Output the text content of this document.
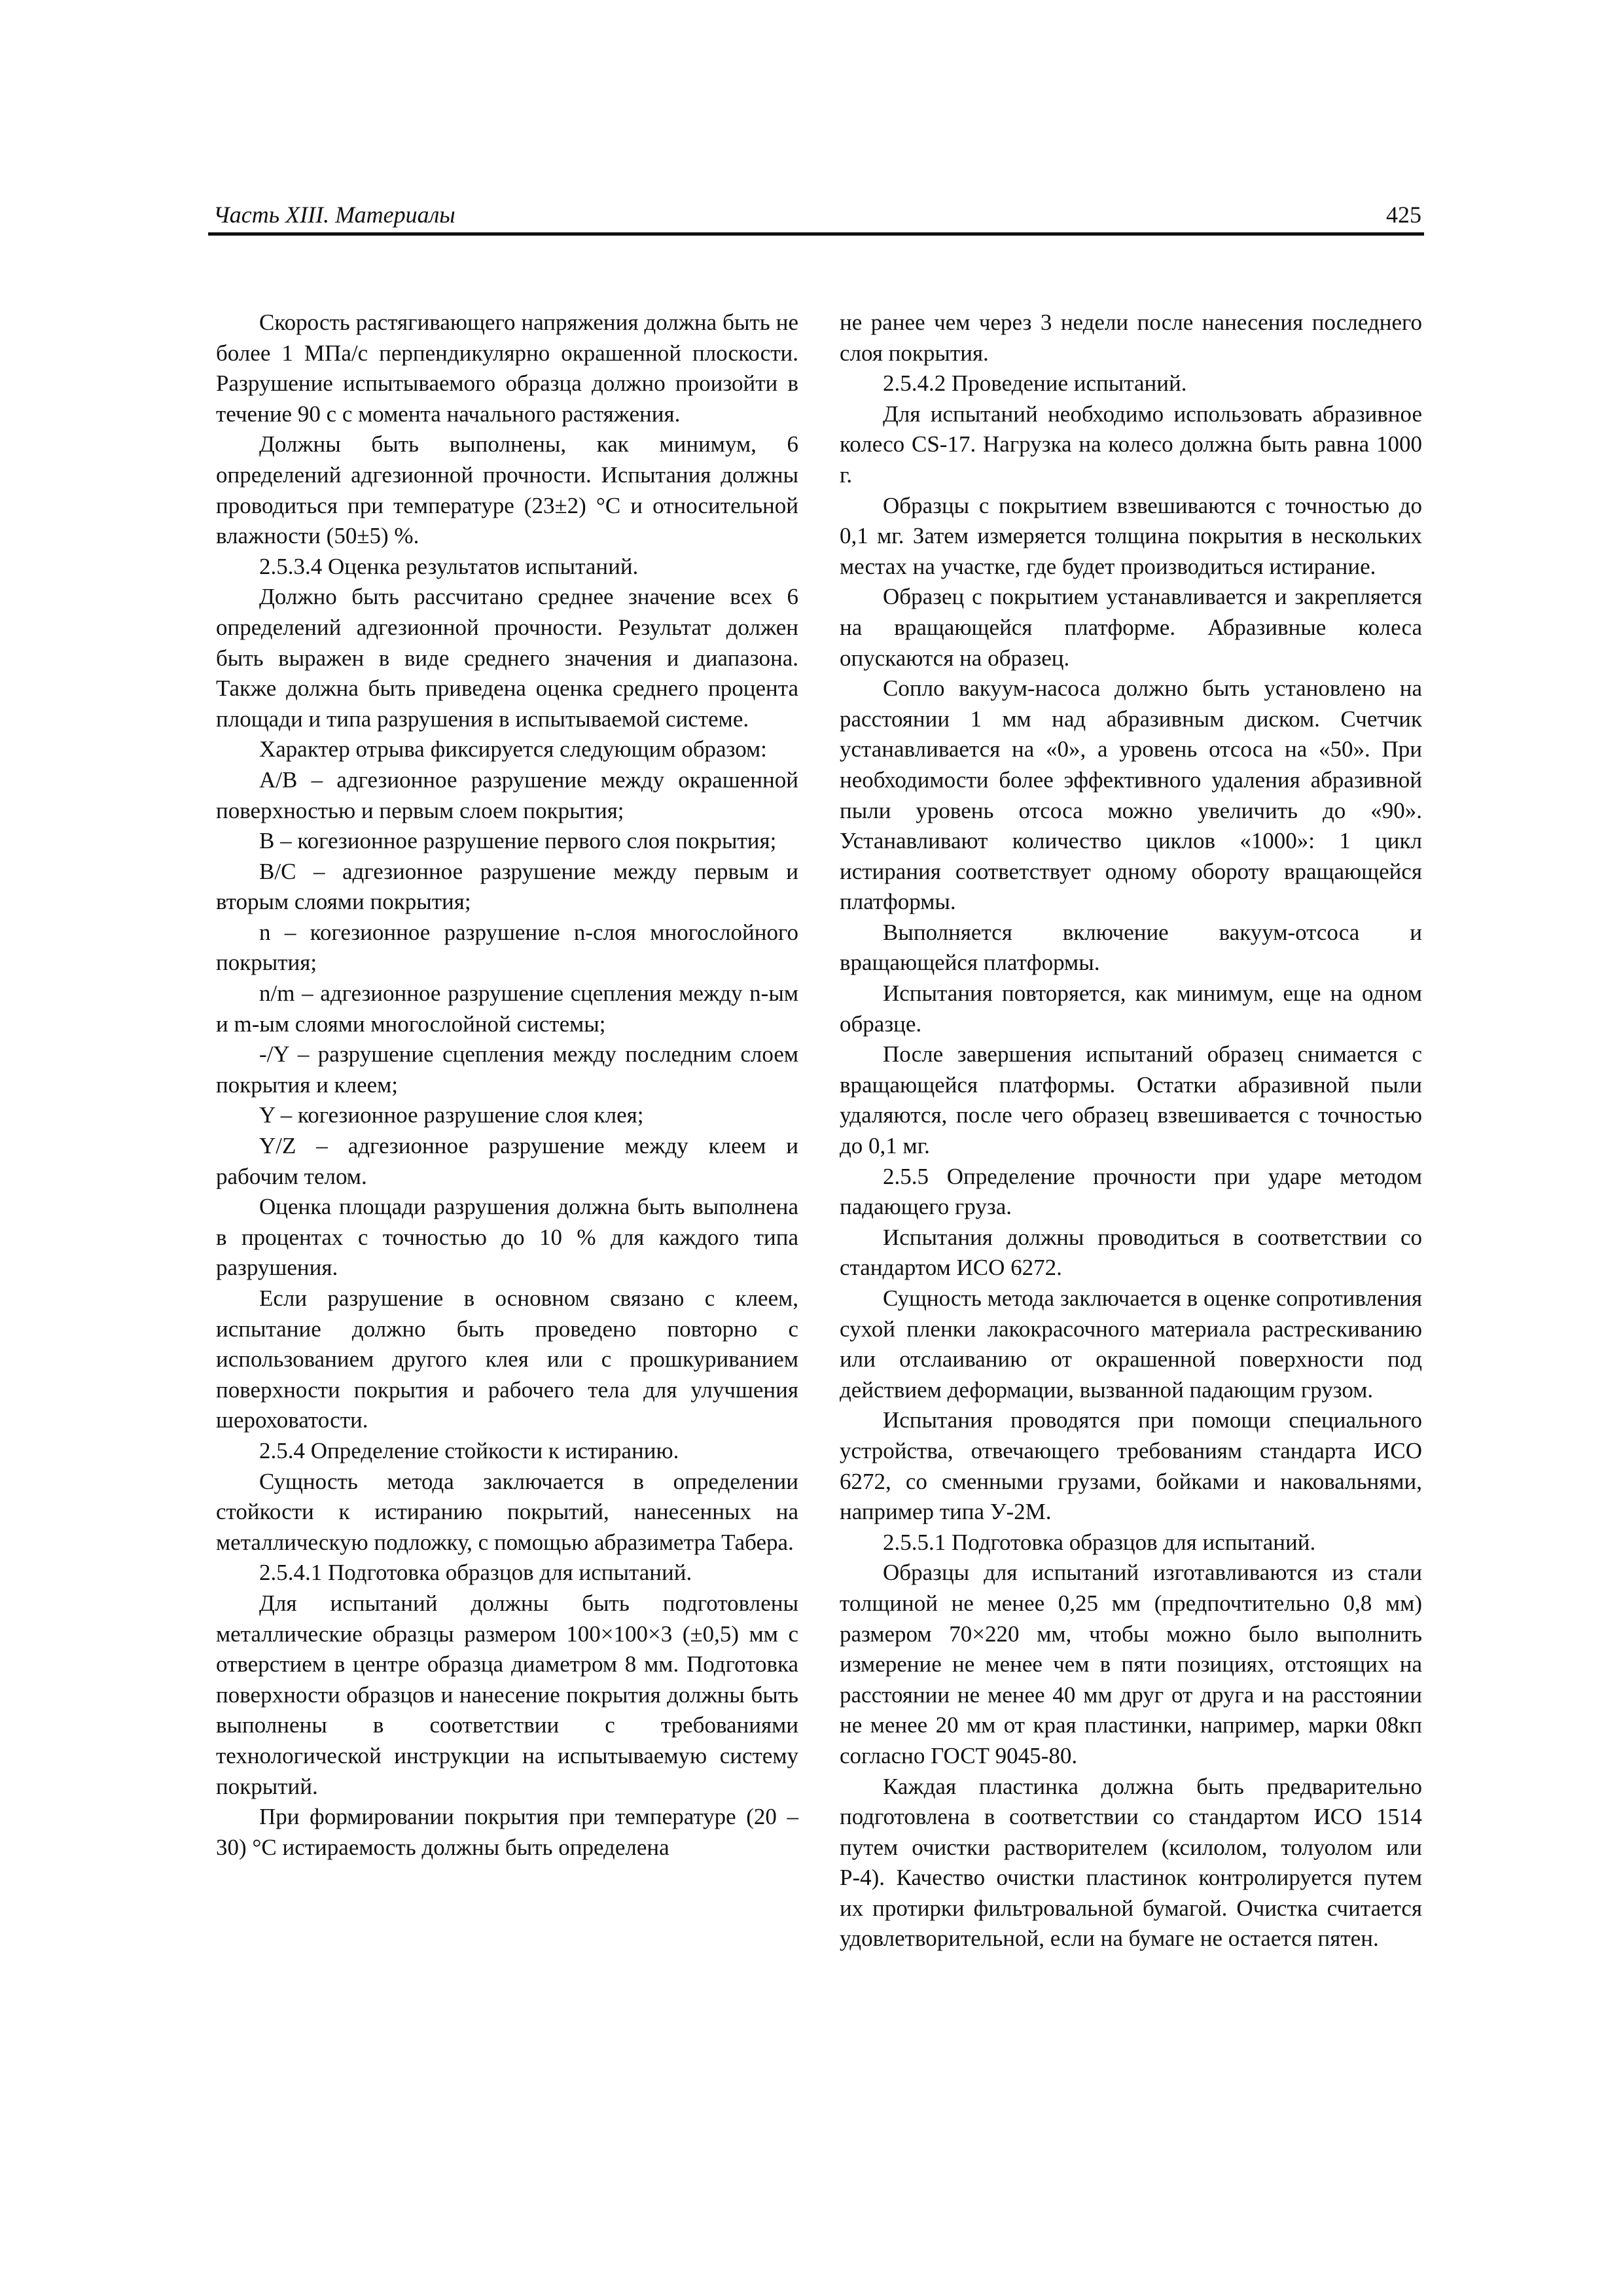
Часть XIII. Материалы	425

Скорость растягивающего напряжения должна быть не более 1 МПа/с перпендикулярно окрашенной плоскости. Разрушение испытываемого образца должно произойти в течение 90 с с момента начального растяжения.

Должны быть выполнены, как минимум, 6 определений адгезионной прочности. Испытания должны проводиться при температуре (23±2) °С и относительной влажности (50±5) %.

2.5.3.4 Оценка результатов испытаний.

Должно быть рассчитано среднее значение всех 6 определений адгезионной прочности. Результат должен быть выражен в виде среднего значения и диапазона. Также должна быть приведена оценка среднего процента площади и типа разрушения в испытываемой системе.

Характер отрыва фиксируется следующим образом:

A/B – адгезионное разрушение между окрашенной поверхностью и первым слоем покрытия;

B – когезионное разрушение первого слоя покрытия;

B/C – адгезионное разрушение между первым и вторым слоями покрытия;

n – когезионное разрушение n-слоя многослойного покрытия;

n/m – адгезионное разрушение сцепления между n-ым и m-ым слоями многослойной системы;

-/Y – разрушение сцепления между последним слоем покрытия и клеем;

Y – когезионное разрушение слоя клея;

Y/Z – адгезионное разрушение между клеем и рабочим телом.

Оценка площади разрушения должна быть выполнена в процентах с точностью до 10 % для каждого типа разрушения.

Если разрушение в основном связано с клеем, испытание должно быть проведено повторно с использованием другого клея или с прошкуриванием поверхности покрытия и рабочего тела для улучшения шероховатости.

2.5.4 Определение стойкости к истиранию.

Сущность метода заключается в определении стойкости к истиранию покрытий, нанесенных на металлическую подложку, с помощью абразиметра Табера.

2.5.4.1 Подготовка образцов для испытаний.

Для испытаний должны быть подготовлены металлические образцы размером 100×100×3 (±0,5) мм с отверстием в центре образца диаметром 8 мм. Подготовка поверхности образцов и нанесение покрытия должны быть выполнены в соответствии с требованиями технологической инструкции на испытываемую систему покрытий.

При формировании покрытия при температуре (20 – 30) °С истираемость должны быть определена

не ранее чем через 3 недели после нанесения последнего слоя покрытия.

2.5.4.2 Проведение испытаний.

Для испытаний необходимо использовать абразивное колесо CS-17. Нагрузка на колесо должна быть равна 1000 г.

Образцы с покрытием взвешиваются с точностью до 0,1 мг. Затем измеряется толщина покрытия в нескольких местах на участке, где будет производиться истирание.

Образец с покрытием устанавливается и закрепляется на вращающейся платформе. Абразивные колеса опускаются на образец.

Сопло вакуум-насоса должно быть установлено на расстоянии 1 мм над абразивным диском. Счетчик устанавливается на «0», а уровень отсоса на «50». При необходимости более эффективного удаления абразивной пыли уровень отсоса можно увеличить до «90». Устанавливают количество циклов «1000»: 1 цикл истирания соответствует одному обороту вращающейся платформы.

Выполняется включение вакуум-отсоса и вращающейся платформы.

Испытания повторяется, как минимум, еще на одном образце.

После завершения испытаний образец снимается с вращающейся платформы. Остатки абразивной пыли удаляются, после чего образец взвешивается с точностью до 0,1 мг.

2.5.5 Определение прочности при ударе методом падающего груза.

Испытания должны проводиться в соответствии со стандартом ИСО 6272.

Сущность метода заключается в оценке сопротивления сухой пленки лакокрасочного материала растрескиванию или отслаиванию от окрашенной поверхности под действием деформации, вызванной падающим грузом.

Испытания проводятся при помощи специального устройства, отвечающего требованиям стандарта ИСО 6272, со сменными грузами, бойками и наковальнями, например типа У-2М.

2.5.5.1 Подготовка образцов для испытаний.

Образцы для испытаний изготавливаются из стали толщиной не менее 0,25 мм (предпочтительно 0,8 мм) размером 70×220 мм, чтобы можно было выполнить измерение не менее чем в пяти позициях, отстоящих на расстоянии не менее 40 мм друг от друга и на расстоянии не менее 20 мм от края пластинки, например, марки 08кп согласно ГОСТ 9045-80.

Каждая пластинка должна быть предварительно подготовлена в соответствии со стандартом ИСО 1514 путем очистки растворителем (ксилолом, толуолом или Р-4). Качество очистки пластинок контролируется путем их протирки фильтровальной бумагой. Очистка считается удовлетворительной, если на бумаге не остается пятен.
